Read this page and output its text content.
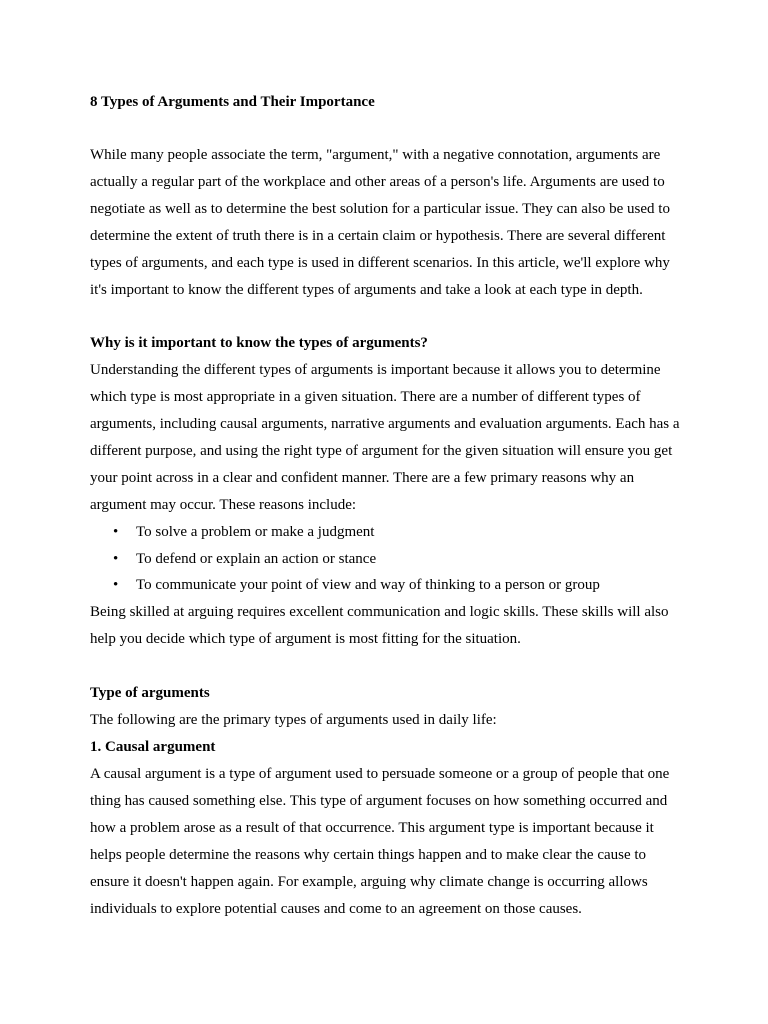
8 Types of Arguments and Their Importance

While many people associate the term, "argument," with a negative connotation, arguments are actually a regular part of the workplace and other areas of a person's life. Arguments are used to negotiate as well as to determine the best solution for a particular issue. They can also be used to determine the extent of truth there is in a certain claim or hypothesis. There are several different types of arguments, and each type is used in different scenarios. In this article, we'll explore why it's important to know the different types of arguments and take a look at each type in depth.

Why is it important to know the types of arguments?

Understanding the different types of arguments is important because it allows you to determine which type is most appropriate in a given situation. There are a number of different types of arguments, including causal arguments, narrative arguments and evaluation arguments. Each has a different purpose, and using the right type of argument for the given situation will ensure you get your point across in a clear and confident manner. There are a few primary reasons why an argument may occur. These reasons include:

• To solve a problem or make a judgment
• To defend or explain an action or stance
• To communicate your point of view and way of thinking to a person or group

Being skilled at arguing requires excellent communication and logic skills. These skills will also help you decide which type of argument is most fitting for the situation.

Type of arguments

The following are the primary types of arguments used in daily life:

1. Causal argument

A causal argument is a type of argument used to persuade someone or a group of people that one thing has caused something else. This type of argument focuses on how something occurred and how a problem arose as a result of that occurrence. This argument type is important because it helps people determine the reasons why certain things happen and to make clear the cause to ensure it doesn't happen again. For example, arguing why climate change is occurring allows individuals to explore potential causes and come to an agreement on those causes.
